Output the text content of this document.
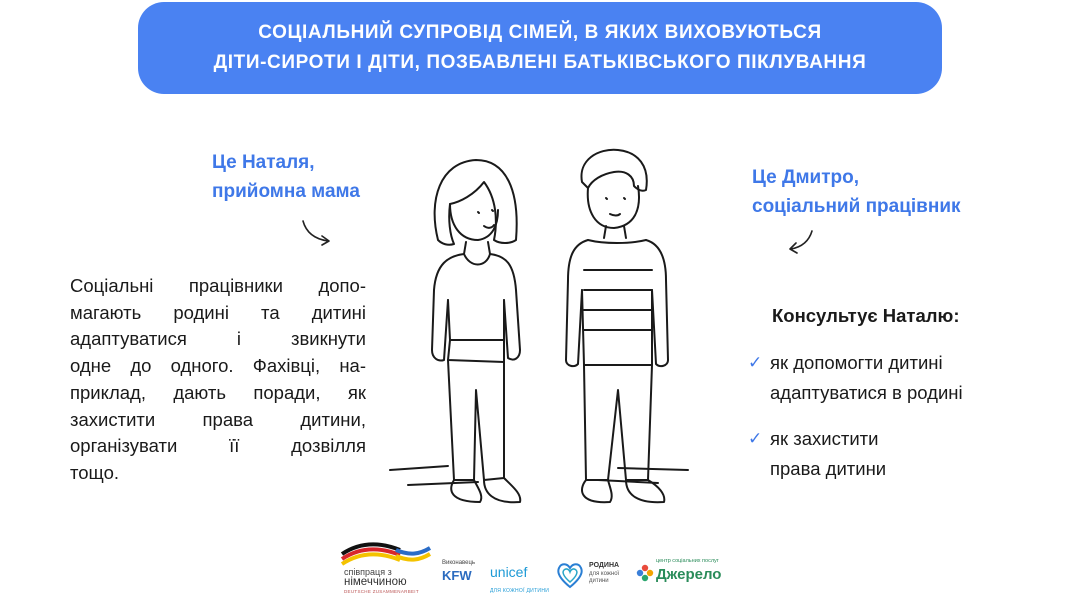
СОЦІАЛЬНИЙ СУПРОВІД СІМЕЙ, В ЯКИХ ВИХОВУЮТЬСЯ
ДІТИ-СИРОТИ І ДІТИ, ПОЗБАВЛЕНІ БАТЬКІВСЬКОГО ПІКЛУВАННЯ
Це Наталя,
прийомна мама
Це Дмитро,
соціальний працівник
Соціальні працівники допо-
магають родині та дитині
адаптуватися і звикнути
одне до одного. Фахівці, на-
приклад, дають поради, як
захистити права дитини,
організувати її дозвілля
тощо.
Консультує Наталю:
✓ як допомогти дитині
адаптуватися в родині
✓ як захистити
права дитини
співпраця з
німеччиною
DEUTSCHE ZUSAMMENARBEIT
Виконавець
KFW unicef
ДЛЯ КОЖНОЇ ДИТИНИ
РОДИНА
для кожної дитини
центр соціальних послуг
Джерело
